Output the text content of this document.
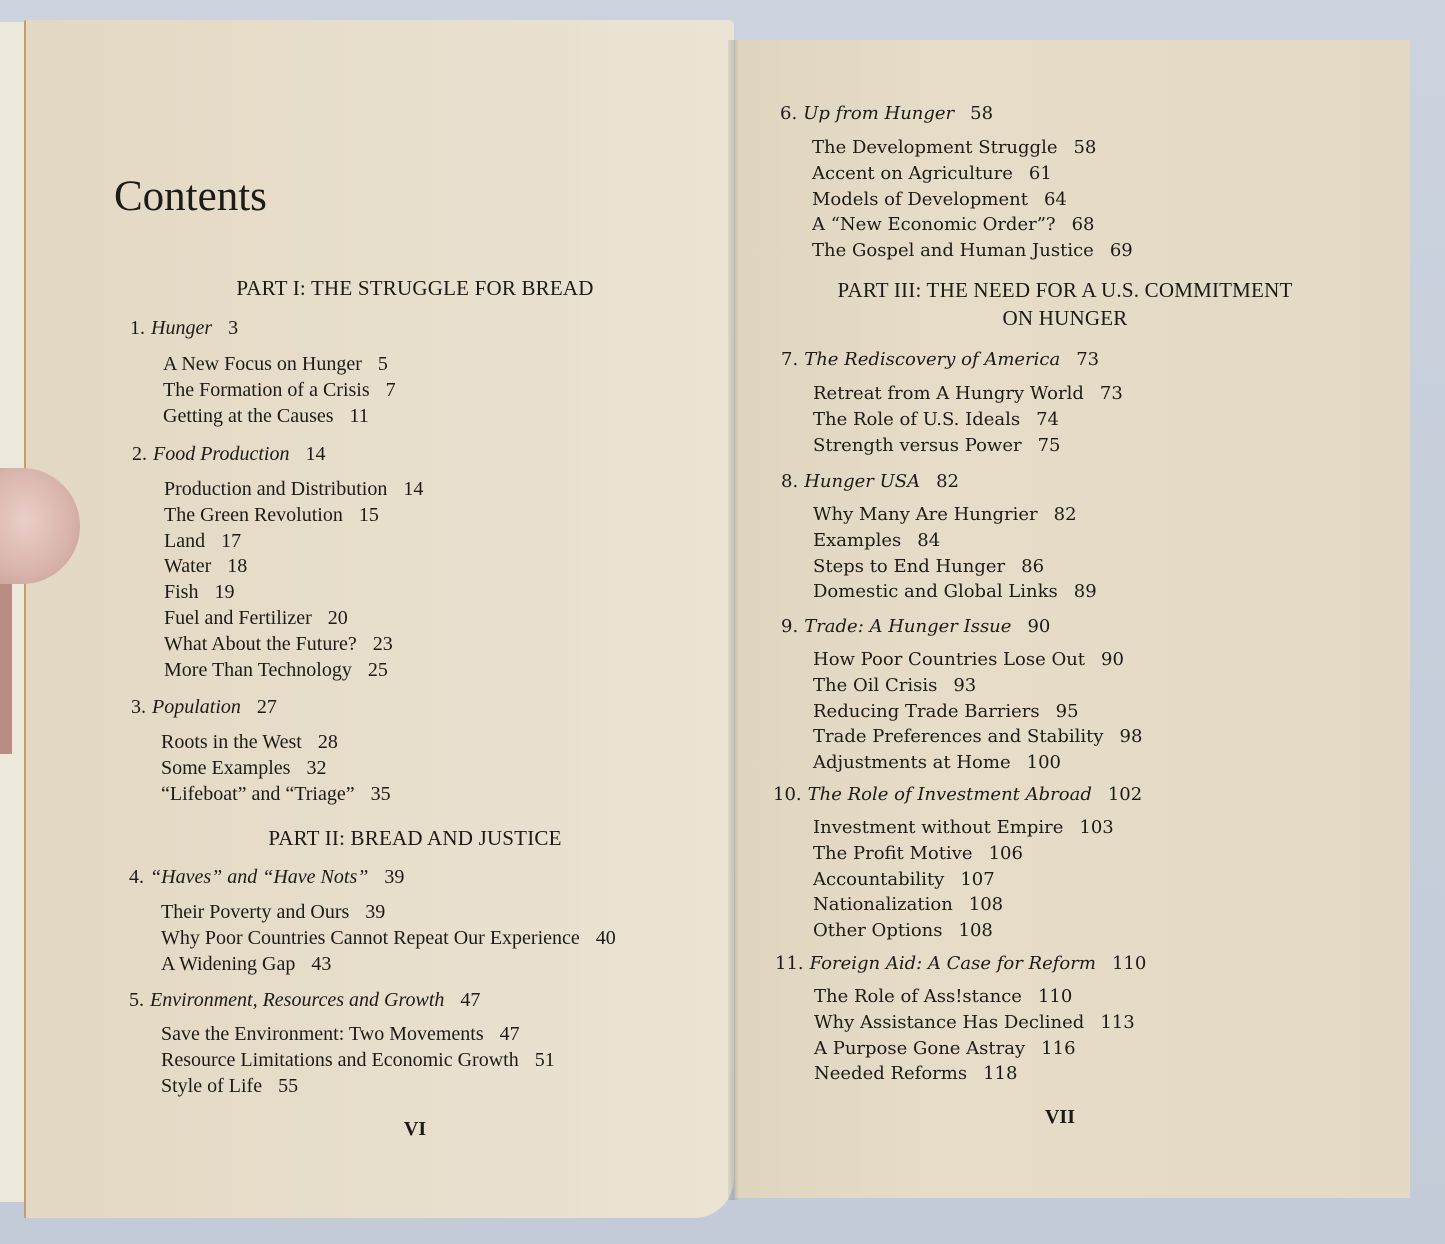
Contents
PART I: THE STRUGGLE FOR BREAD
1. Hunger 3
A New Focus on Hunger 5
The Formation of a Crisis 7
Getting at the Causes 11
2. Food Production 14
Production and Distribution 14
The Green Revolution 15
Land 17
Water 18
Fish 19
Fuel and Fertilizer 20
What About the Future? 23
More Than Technology 25
3. Population 27
Roots in the West 28
Some Examples 32
“Lifeboat” and “Triage” 35
PART II: BREAD AND JUSTICE
4. “Haves” and “Have Nots” 39
Their Poverty and Ours 39
Why Poor Countries Cannot Repeat Our Experience 40
A Widening Gap 43
5. Environment, Resources and Growth 47
Save the Environment: Two Movements 47
Resource Limitations and Economic Growth 51
Style of Life 55
VI
6. Up from Hunger 58
The Development Struggle 58
Accent on Agriculture 61
Models of Development 64
A “New Economic Order”? 68
The Gospel and Human Justice 69
PART III: THE NEED FOR A U.S. COMMITMENT
ON HUNGER
7. The Rediscovery of America 73
Retreat from A Hungry World 73
The Role of U.S. Ideals 74
Strength versus Power 75
8. Hunger USA 82
Why Many Are Hungrier 82
Examples 84
Steps to End Hunger 86
Domestic and Global Links 89
9. Trade: A Hunger Issue 90
How Poor Countries Lose Out 90
The Oil Crisis 93
Reducing Trade Barriers 95
Trade Preferences and Stability 98
Adjustments at Home 100
10. The Role of Investment Abroad 102
Investment without Empire 103
The Profit Motive 106
Accountability 107
Nationalization 108
Other Options 108
11. Foreign Aid: A Case for Reform 110
The Role of Ass!stance 110
Why Assistance Has Declined 113
A Purpose Gone Astray 116
Needed Reforms 118
VII
